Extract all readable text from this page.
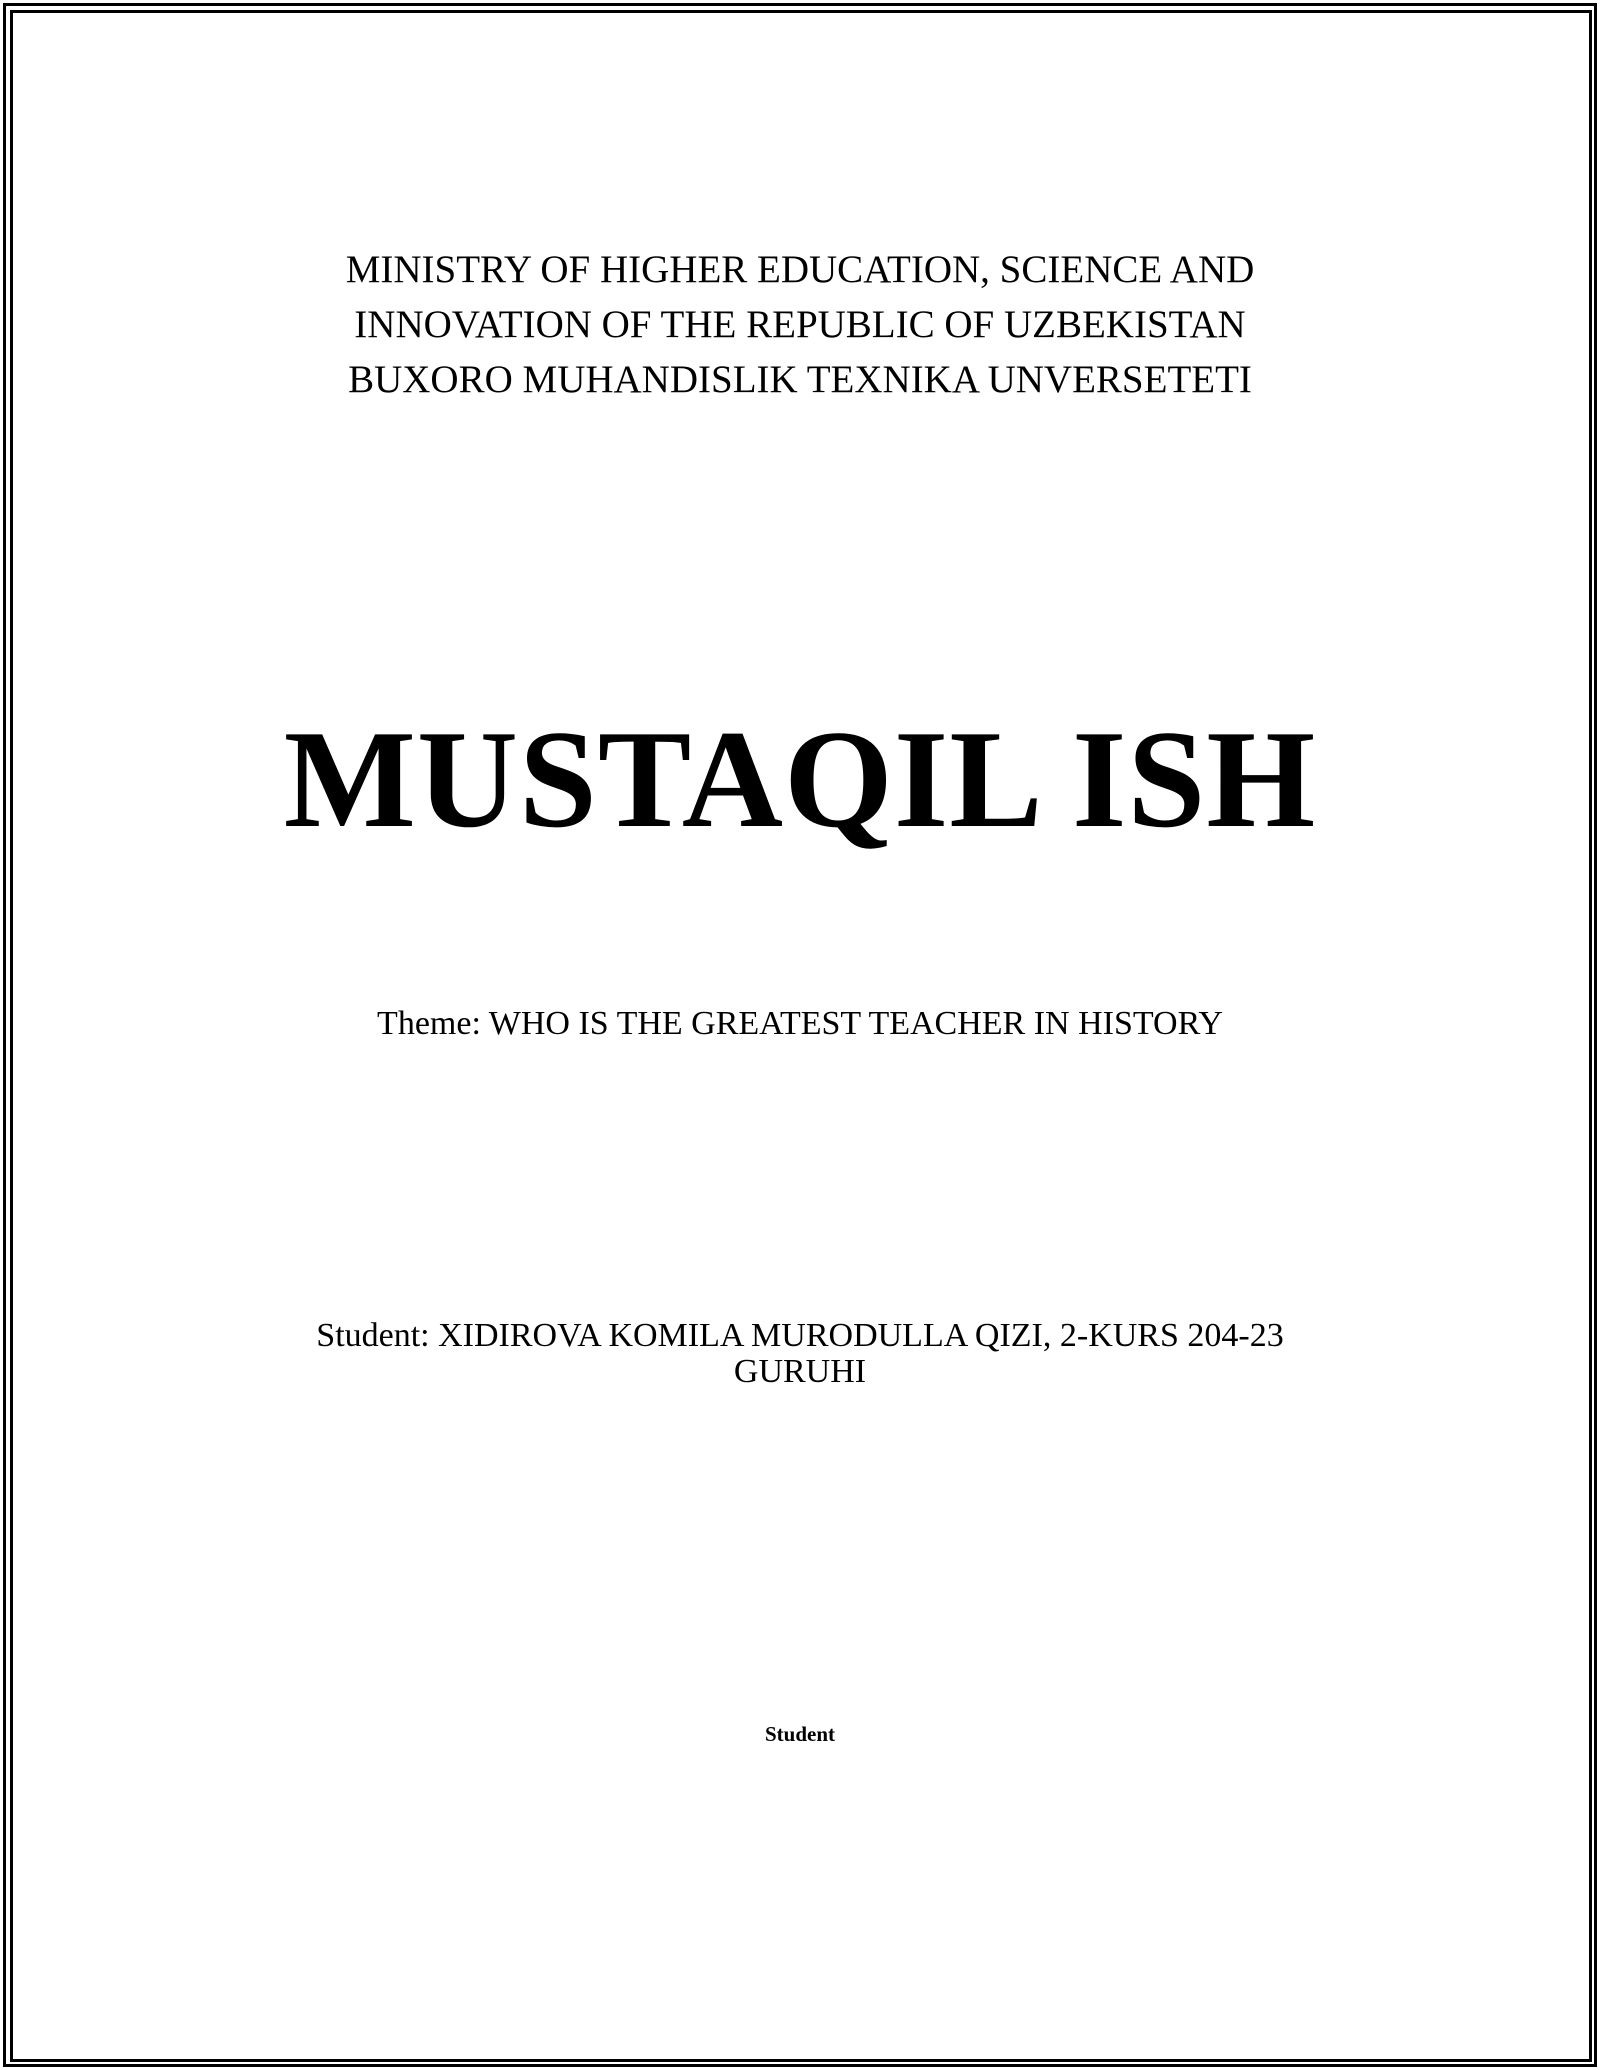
MINISTRY OF HIGHER EDUCATION, SCIENCE AND
INNOVATION OF THE REPUBLIC OF UZBEKISTAN
BUXORO MUHANDISLIK TEXNIKA UNVERSETETI
MUSTAQIL ISH
Theme: WHO IS THE GREATEST TEACHER IN HISTORY
Student: XIDIROVA KOMILA MURODULLA QIZI, 2-KURS 204-23
GURUHI
Student
